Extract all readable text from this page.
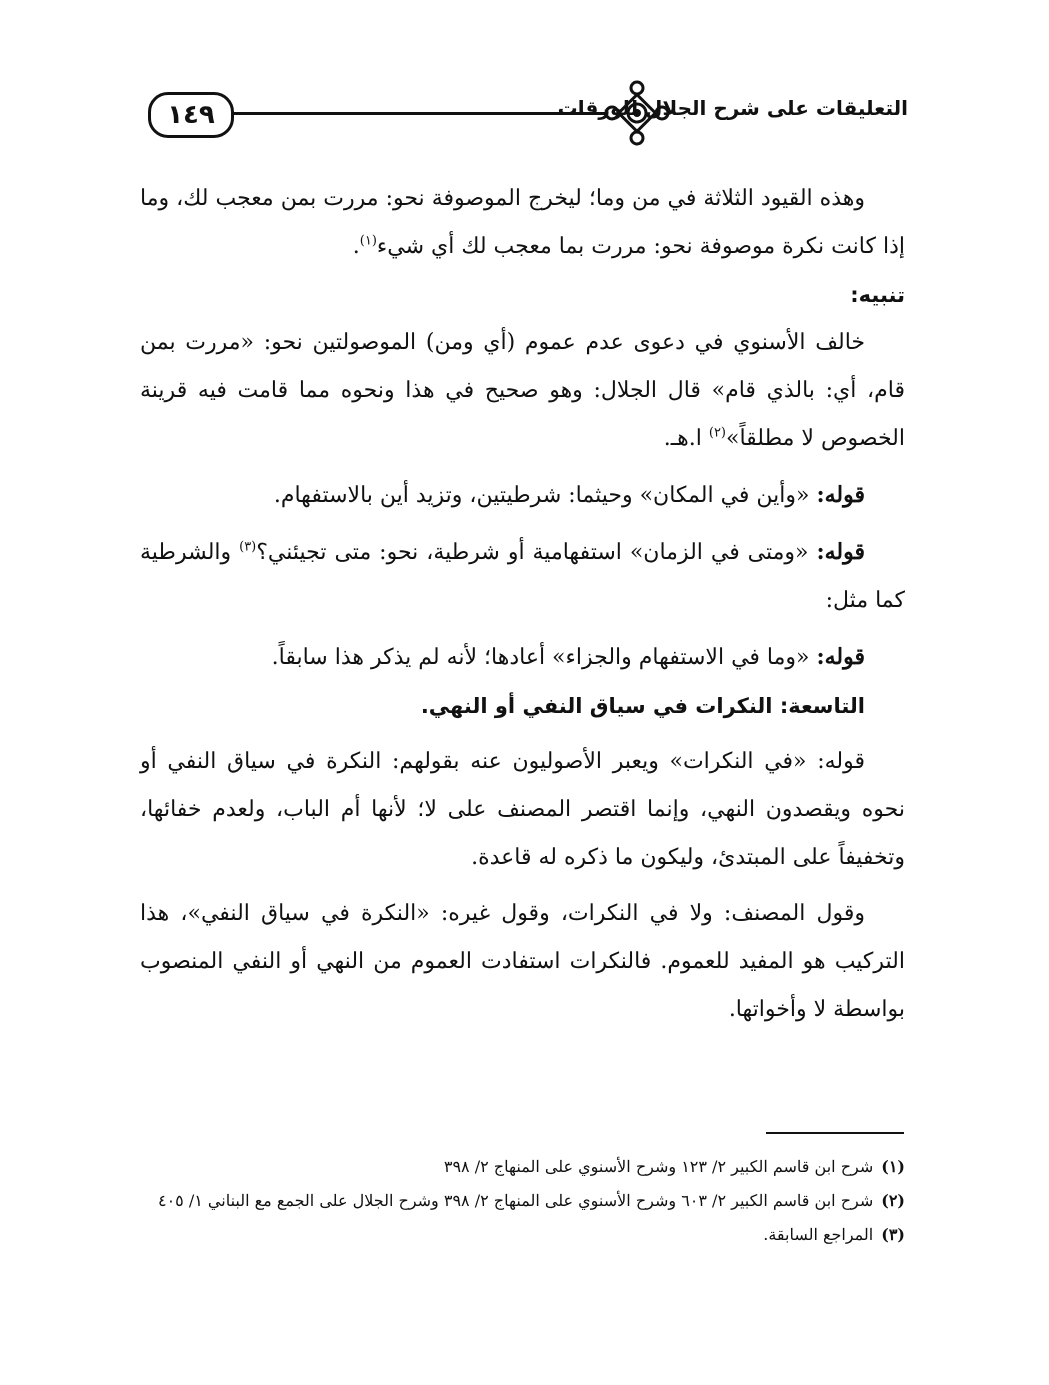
١٤٩	التعليقات على شرح الجلال للورقات

وهذه القيود الثلاثة في من وما؛ ليخرج الموصوفة نحو: مررت بمن معجب لك، وما إذا كانت نكرة موصوفة نحو: مررت بما معجب لك أي شيء$^{(١)}$.

تنبيه:

خالف الأسنوي في دعوى عدم عموم (أي ومن) الموصولتين نحو: «مررت بمن قام، أي: بالذي قام» قال الجلال: وهو صحيح في هذا ونحوه مما قامت فيه قرينة الخصوص لا مطلقاً»$^{(٢)}$ ا.هـ.

قوله: «وأين في المكان» وحيثما: شرطيتين، وتزيد أين بالاستفهام.

قوله: «ومتى في الزمان» استفهامية أو شرطية، نحو: متى تجيئني؟$^{(٣)}$ والشرطية كما مثل:

قوله: «وما في الاستفهام والجزاء» أعادها؛ لأنه لم يذكر هذا سابقاً.

التاسعة: النكرات في سياق النفي أو النهي.

قوله: «في النكرات» ويعبر الأصوليون عنه بقولهم: النكرة في سياق النفي أو نحوه ويقصدون النهي، وإنما اقتصر المصنف على لا؛ لأنها أم الباب، ولعدم خفائها، وتخفيفاً على المبتدئ، وليكون ما ذكره له قاعدة.

وقول المصنف: ولا في النكرات، وقول غيره: «النكرة في سياق النفي»، هذا التركيب هو المفيد للعموم. فالنكرات استفادت العموم من النهي أو النفي المنصوب بواسطة لا وأخواتها.

(١)شرح ابن قاسم الكبير ٢/ ١٢٣ وشرح الأسنوي على المنهاج ٢/ ٣٩٨

(٢)شرح ابن قاسم الكبير ٢/ ٦٠٣ وشرح الأسنوي على المنهاج ٢/ ٣٩٨ وشرح الجلال على الجمع مع البناني ١/ ٤٠٥

(٣)المراجع السابقة.
